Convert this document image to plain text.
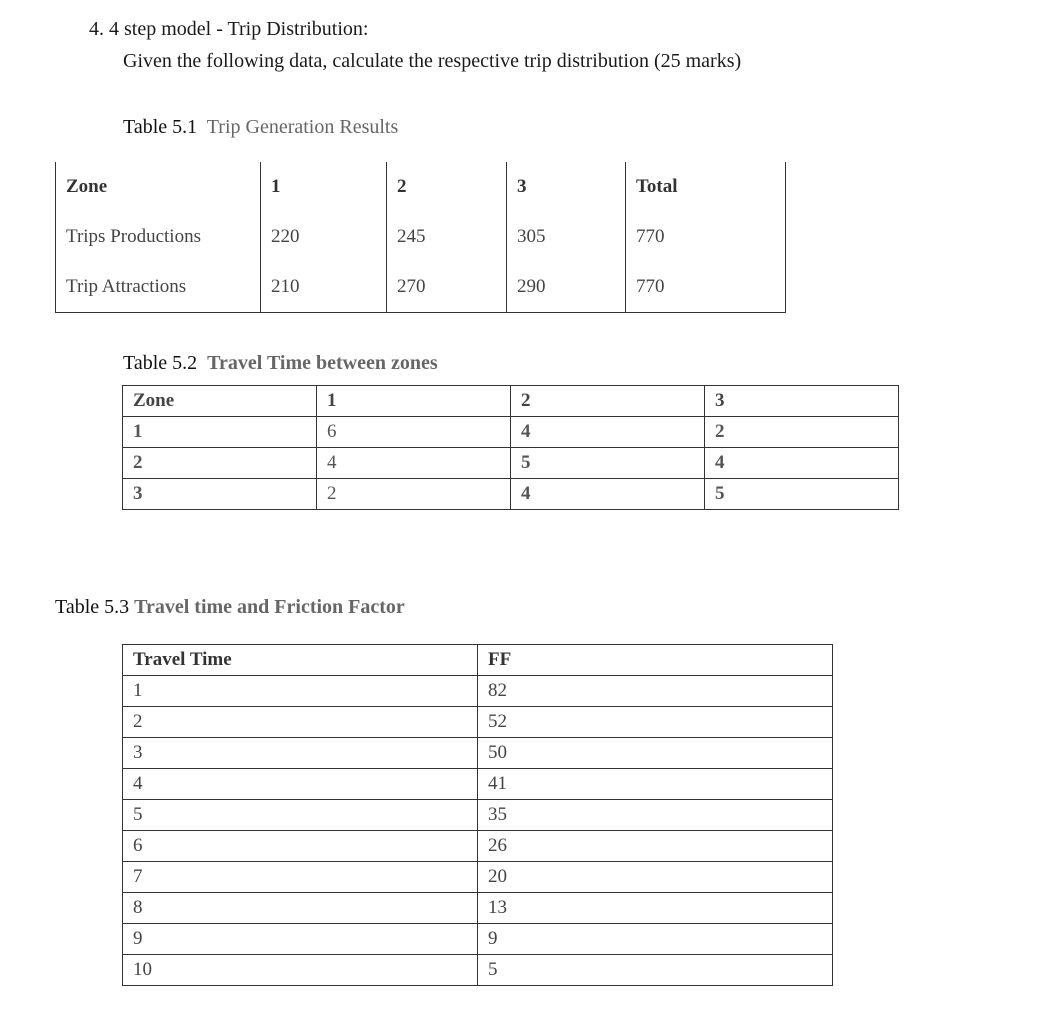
4. 4 step model - Trip Distribution:
Given the following data, calculate the respective trip distribution (25 marks)
Table 5.1 Trip Generation Results
Zone	1	2	3	Total
Trips Productions	220	245	305	770
Trip Attractions	210	270	290	770
Table 5.2 Travel Time between zones
Zone	1	2	3
1	6	4	2
2	4	5	4
3	2	4	5
Table 5.3 Travel time and Friction Factor
Travel Time	FF
1	82
2	52
3	50
4	41
5	35
6	26
7	20
8	13
9	9
10	5
